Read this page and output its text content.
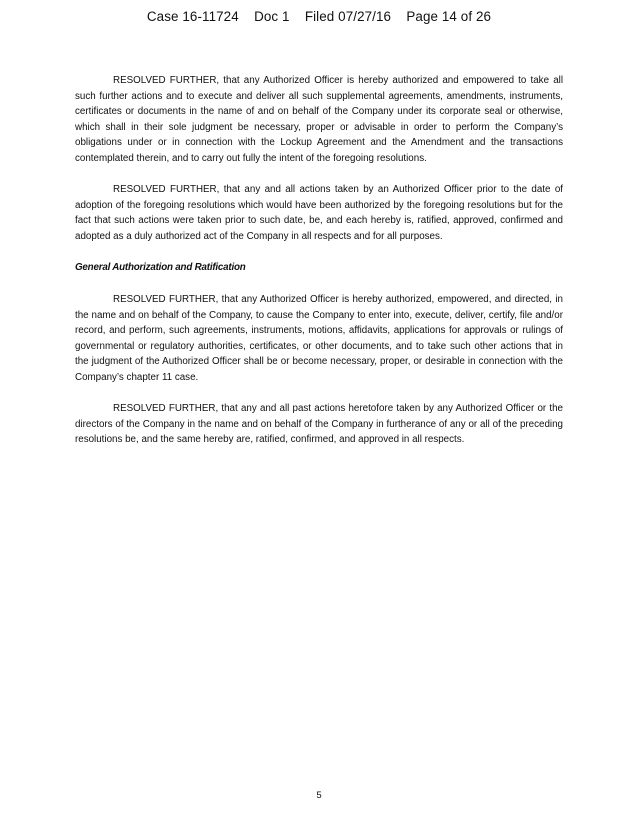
Case 16-11724    Doc 1    Filed 07/27/16    Page 14 of 26

RESOLVED FURTHER, that any Authorized Officer is hereby authorized and empowered to take all such further actions and to execute and deliver all such supplemental agreements, amendments, instruments, certificates or documents in the name of and on behalf of the Company under its corporate seal or otherwise, which shall in their sole judgment be necessary, proper or advisable in order to perform the Company’s obligations under or in connection with the Lockup Agreement and the Amendment and the transactions contemplated therein, and to carry out fully the intent of the foregoing resolutions.

RESOLVED FURTHER, that any and all actions taken by an Authorized Officer prior to the date of adoption of the foregoing resolutions which would have been authorized by the foregoing resolutions but for the fact that such actions were taken prior to such date, be, and each hereby is, ratified, approved, confirmed and adopted as a duly authorized act of the Company in all respects and for all purposes.

General Authorization and Ratification

RESOLVED FURTHER, that any Authorized Officer is hereby authorized, empowered, and directed, in the name and on behalf of the Company, to cause the Company to enter into, execute, deliver, certify, file and/or record, and perform, such agreements, instruments, motions, affidavits, applications for approvals or rulings of governmental or regulatory authorities, certificates, or other documents, and to take such other actions that in the judgment of the Authorized Officer shall be or become necessary, proper, or desirable in connection with the Company’s chapter 11 case.

RESOLVED FURTHER, that any and all past actions heretofore taken by any Authorized Officer or the directors of the Company in the name and on behalf of the Company in furtherance of any or all of the preceding resolutions be, and the same hereby are, ratified, confirmed, and approved in all respects.

5
